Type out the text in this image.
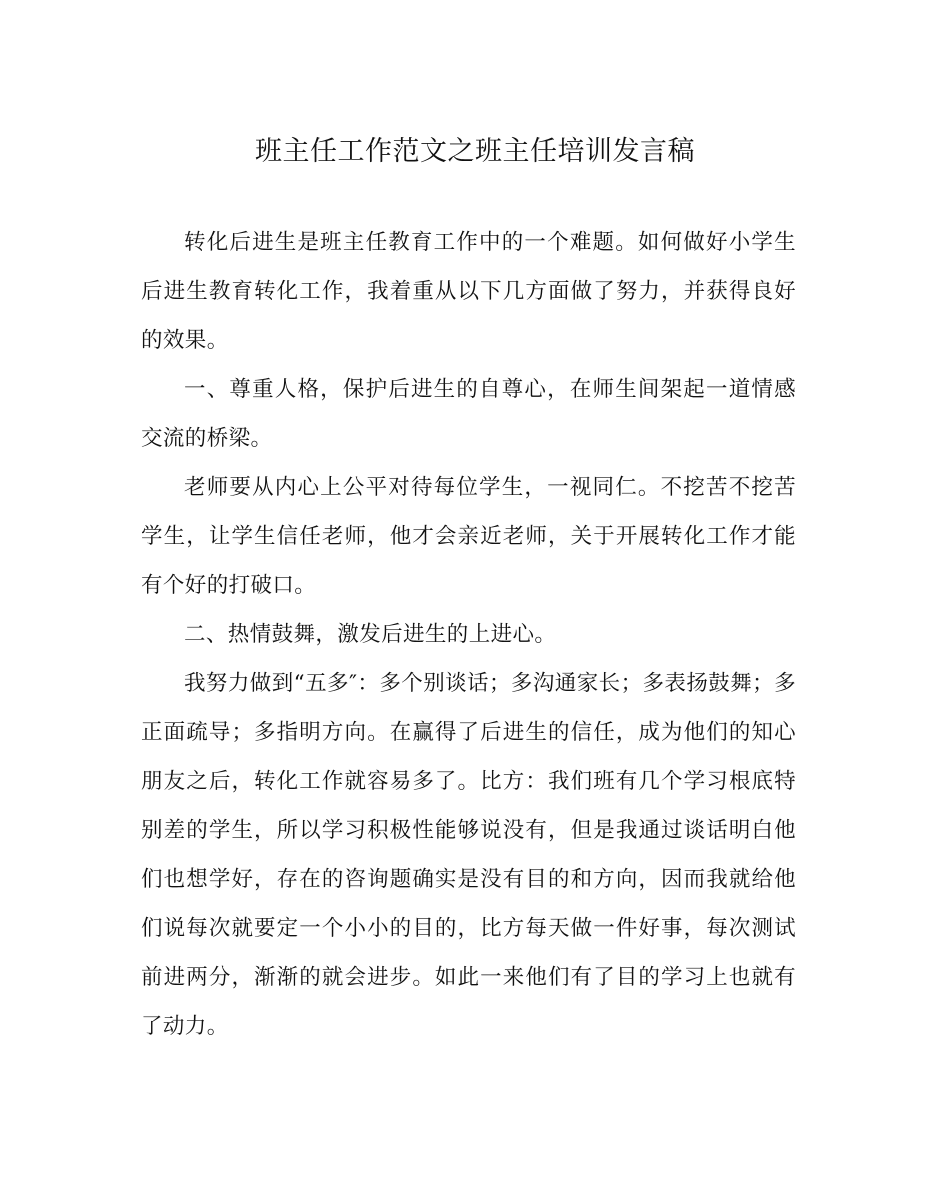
班主任工作范文之班主任培训发言稿

转化后进生是班主任教育工作中的一个难题。如何做好小学生后进生教育转化工作，我着重从以下几方面做了努力，并获得良好的效果。

一、尊重人格，保护后进生的自尊心，在师生间架起一道情感交流的桥梁。

老师要从内心上公平对待每位学生，一视同仁。不挖苦不挖苦学生，让学生信任老师，他才会亲近老师，关于开展转化工作才能有个好的打破口。

二、热情鼓舞，激发后进生的上进心。

我努力做到“五多″：多个别谈话；多沟通家长；多表扬鼓舞；多正面疏导；多指明方向。在赢得了后进生的信任，成为他们的知心朋友之后，转化工作就容易多了。比方：我们班有几个学习根底特别差的学生，所以学习积极性能够说没有，但是我通过谈话明白他们也想学好，存在的咨询题确实是没有目的和方向，因而我就给他们说每次就要定一个小小的目的，比方每天做一件好事，每次测试前进两分，渐渐的就会进步。如此一来他们有了目的学习上也就有了动力。
